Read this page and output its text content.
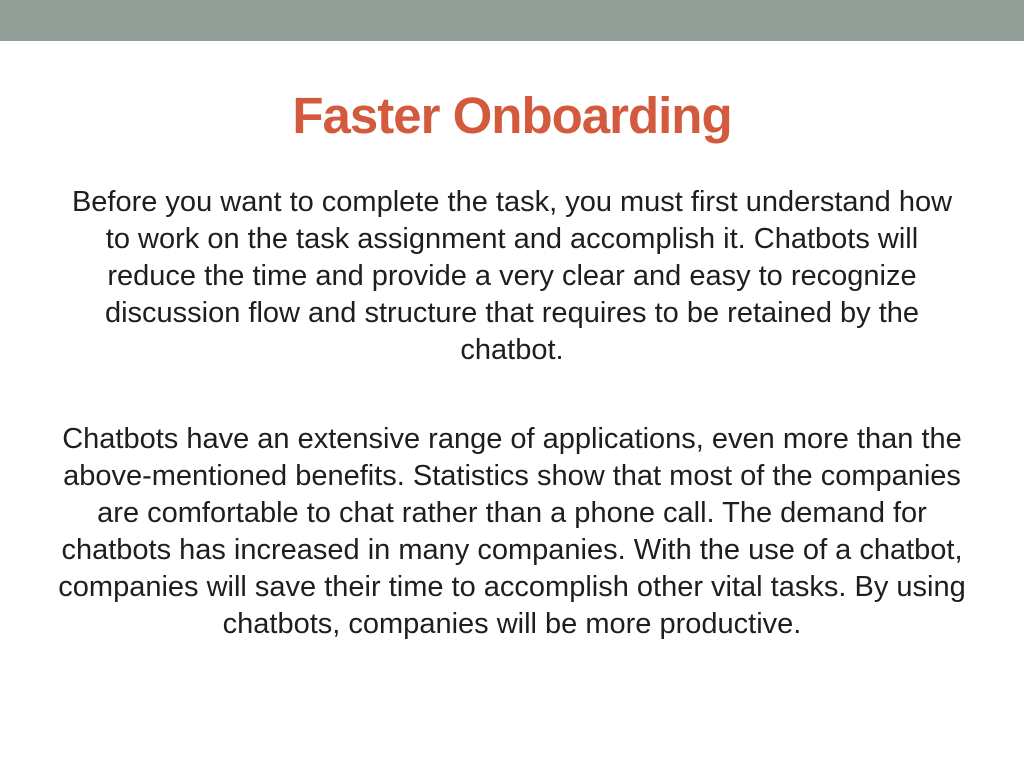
Faster Onboarding

Before you want to complete the task, you must first understand how to work on the task assignment and accomplish it. Chatbots will reduce the time and provide a very clear and easy to recognize discussion flow and structure that requires to be retained by the chatbot.

Chatbots have an extensive range of applications, even more than the above-mentioned benefits. Statistics show that most of the companies are comfortable to chat rather than a phone call. The demand for chatbots has increased in many companies. With the use of a chatbot, companies will save their time to accomplish other vital tasks. By using chatbots, companies will be more productive.
